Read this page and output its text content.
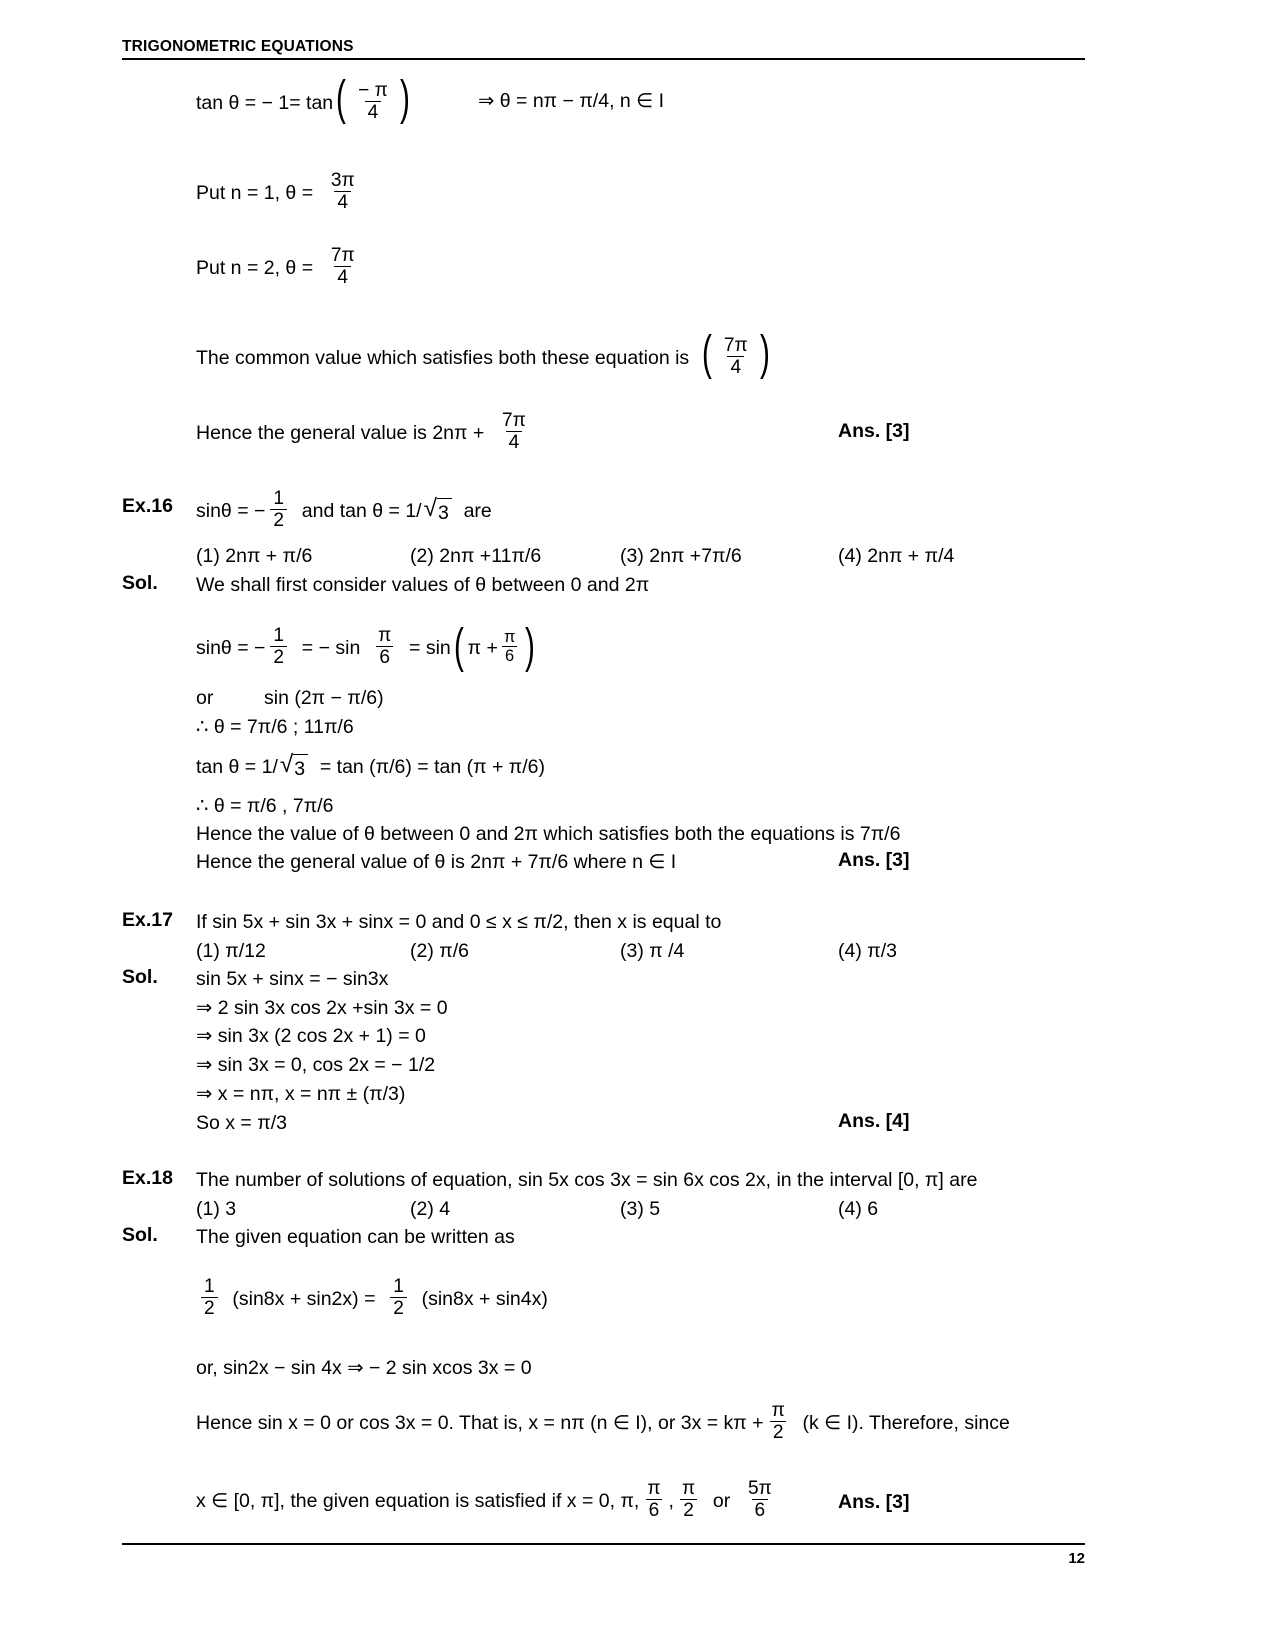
TRIGONOMETRIC EQUATIONS
tan θ = − 1= tan ( $\frac{- \pi}{4}$ )	⇒ θ = nπ − π/4, n ∈ I
Put n = 1, $\theta = \frac{3\pi}{4}$
Put n = 2, $\theta = \frac{7\pi}{4}$
The common value which satisfies both these equation is ( $\frac{7\pi}{4}$ )
Hence the general value is $2n\pi + \frac{7\pi}{4}$	Ans. [3]
Ex.16 sinθ = − $\frac{1}{2}$ and tan θ = 1/ √ 3 are
(1) 2nπ + π/6	(2) 2nπ +11π/6	(3) 2nπ +7π/6	(4) 2nπ + π/4
Sol. We shall first consider values of θ between 0 and 2π
sinθ = − $\frac{1}{2}$ = − $\sin \frac{\pi}{6} = \sin$ ( $\pi + \frac{\pi}{6}$ )
or	sin (2π − π/6)
∴ θ = 7π/6 ; 11π/6
tan θ = 1/ √ 3 = tan (π/6) = tan (π + π/6)
∴ θ = π/6 , 7π/6
Hence the value of θ between 0 and 2π which satisfies both the equations is 7π/6
Hence the general value of θ is 2nπ + 7π/6 where n ∈ I	Ans. [3]
Ex.17 If sin 5x + sin 3x + sinx = 0 and 0 ≤ x ≤ π/2, then x is equal to
(1) π/12	(2) π/6	(3) π /4	(4) π/3
Sol. sin 5x + sinx = − sin3x
⇒ 2 sin 3x cos 2x +sin 3x = 0
⇒ sin 3x (2 cos 2x + 1) = 0
⇒ sin 3x = 0, cos 2x = − 1/2
⇒ x = nπ, x = nπ ± (π/3)
So x = π/3	Ans. [4]
Ex.18 The number of solutions of equation, sin 5x cos 3x = sin 6x cos 2x, in the interval [0, π] are
(1) 3	(2) 4	(3) 5	(4) 6
Sol. The given equation can be written as
$\frac{1}{2} (\sin 8x + \sin 2x) = \frac{1}{2} (\sin 8x + \sin 4x)$
or, sin2x − sin 4x ⇒ − 2 sin xcos 3x = 0
Hence sin x = 0 or cos 3x = 0. That is, x = nπ (n ∈ I), or $3x = k\pi + \frac{\pi}{2} (k$ ∈ I). Therefore, since
x ∈ [0, π], the given equation is satisfied if x = 0, π, $\frac{\pi}{6}$ , $\frac{\pi}{2}$ or $\frac{5\pi}{6}$	Ans. [3]
12
